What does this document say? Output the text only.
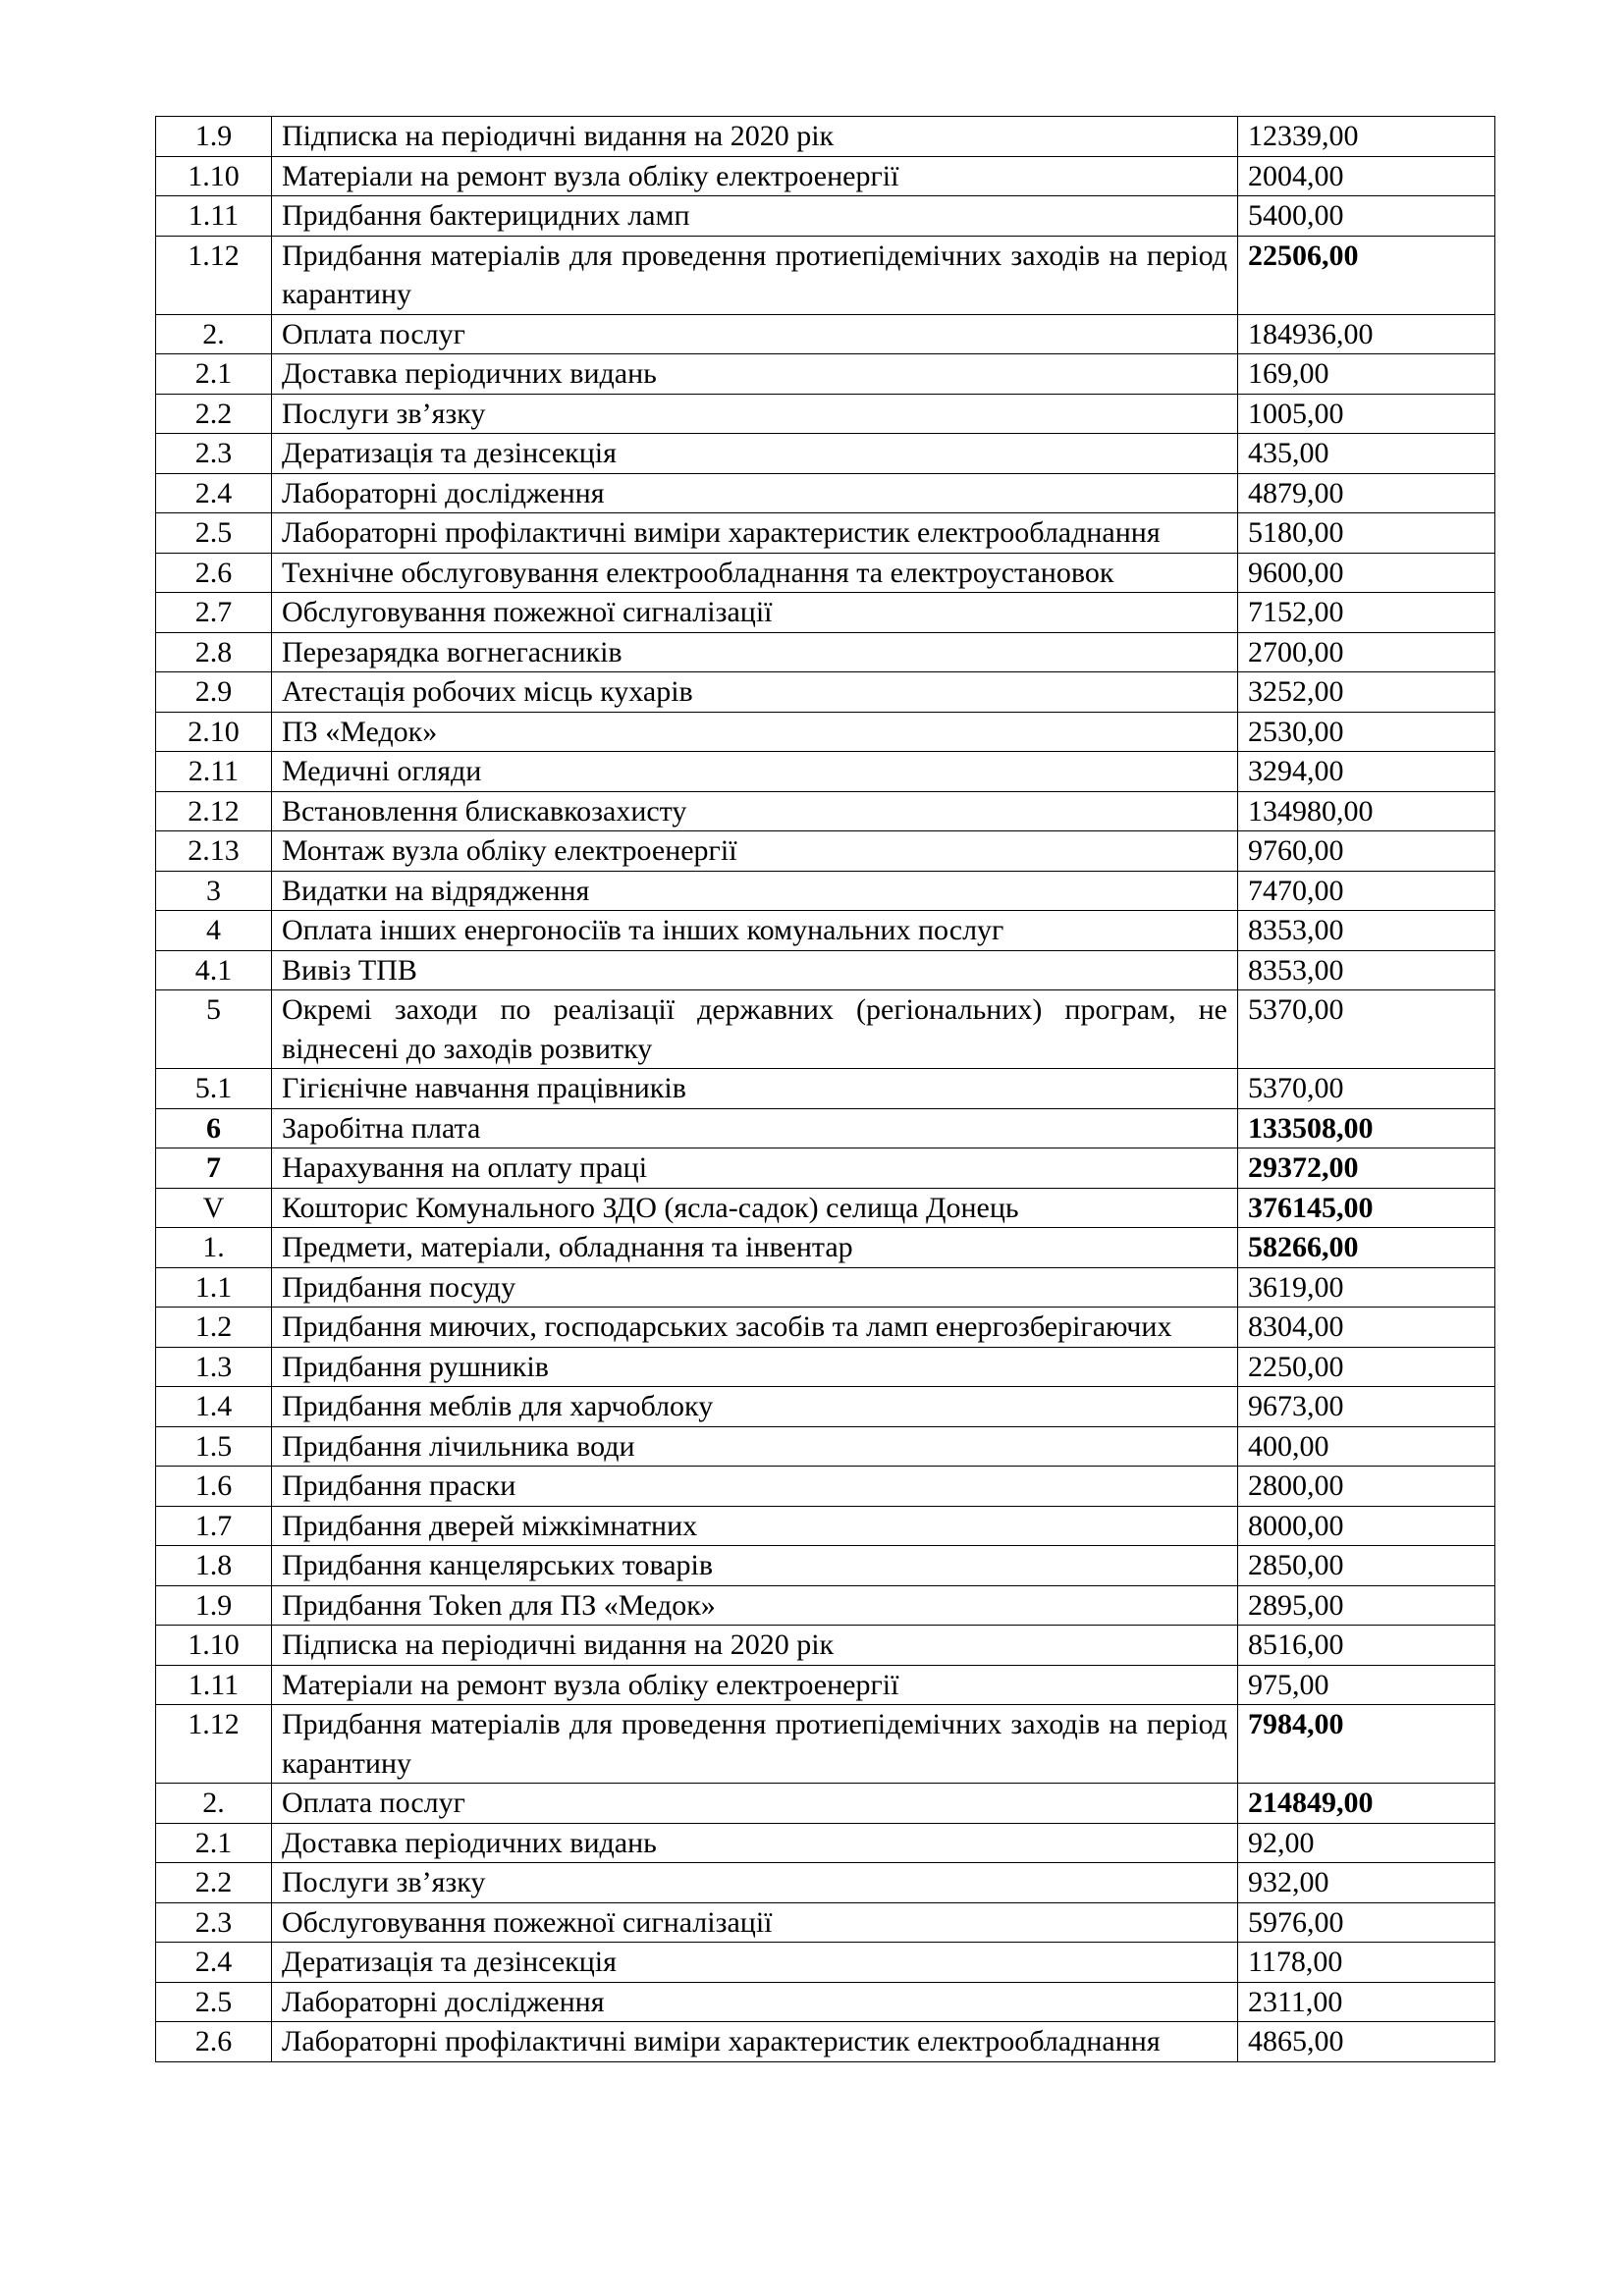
1.9	Підписка на періодичні видання на 2020 рік	12339,00
1.10	Матеріали на ремонт вузла обліку електроенергії	2004,00
1.11	Придбання бактерицидних ламп	5400,00
1.12	Придбання матеріалів для проведення протиепідемічних заходів на період карантину	22506,00
2.	Оплата послуг	184936,00
2.1	Доставка періодичних видань	169,00
2.2	Послуги зв’язку	1005,00
2.3	Дератизація та дезінсекція	435,00
2.4	Лабораторні дослідження	4879,00
2.5	Лабораторні профілактичні виміри характеристик електрообладнання	5180,00
2.6	Технічне обслуговування електрообладнання та електроустановок	9600,00
2.7	Обслуговування пожежної сигналізації	7152,00
2.8	Перезарядка вогнегасників	2700,00
2.9	Атестація робочих місць кухарів	3252,00
2.10	ПЗ «Медок»	2530,00
2.11	Медичні огляди	3294,00
2.12	Встановлення блискавкозахисту	134980,00
2.13	Монтаж вузла обліку електроенергії	9760,00
3	Видатки на відрядження	7470,00
4	Оплата інших енергоносіїв та інших комунальних послуг	8353,00
4.1	Вивіз ТПВ	8353,00
5	Окремі заходи по реалізації державних (регіональних) програм, не віднесені до заходів розвитку	5370,00
5.1	Гігієнічне навчання працівників	5370,00
6	Заробітна плата	133508,00
7	Нарахування на оплату праці	29372,00
V	Кошторис Комунального ЗДО (ясла-садок) селища Донець	376145,00
1.	Предмети, матеріали, обладнання та інвентар	58266,00
1.1	Придбання посуду	3619,00
1.2	Придбання миючих, господарських засобів та ламп енергозберігаючих	8304,00
1.3	Придбання рушників	2250,00
1.4	Придбання меблів для харчоблоку	9673,00
1.5	Придбання лічильника води	400,00
1.6	Придбання праски	2800,00
1.7	Придбання дверей міжкімнатних	8000,00
1.8	Придбання канцелярських товарів	2850,00
1.9	Придбання Token для ПЗ «Медок»	2895,00
1.10	Підписка на періодичні видання на 2020 рік	8516,00
1.11	Матеріали на ремонт вузла обліку електроенергії	975,00
1.12	Придбання матеріалів для проведення протиепідемічних заходів на період карантину	7984,00
2.	Оплата послуг	214849,00
2.1	Доставка періодичних видань	92,00
2.2	Послуги зв’язку	932,00
2.3	Обслуговування пожежної сигналізації	5976,00
2.4	Дератизація та дезінсекція	1178,00
2.5	Лабораторні дослідження	2311,00
2.6	Лабораторні профілактичні виміри характеристик електрообладнання	4865,00
